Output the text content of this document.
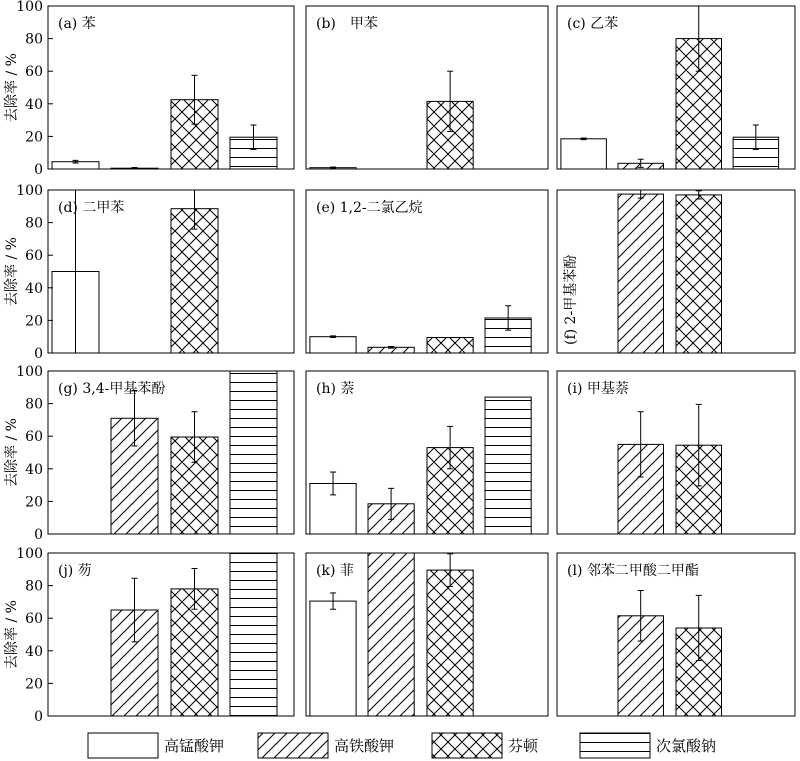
(a) 苯
0
20
40
60
80
100
去除率 / %
(b)　甲苯	(c) 乙苯
(d) 二甲苯
0
20
40
60
80
100
去除率 / %
(e) 1,2-二氯乙烷
(f) 2-甲基苯酚
(g) 3,4-甲基苯酚
0
20
40
60
80
100
去除率 / %
(h) 萘	(i) 甲基萘
(j) 芴
0
20
40
60
80
100
去除率 / %
(k) 菲	(l) 邻苯二甲酸二甲酯
高锰酸钾	高铁酸钾	芬顿	次氯酸钠
